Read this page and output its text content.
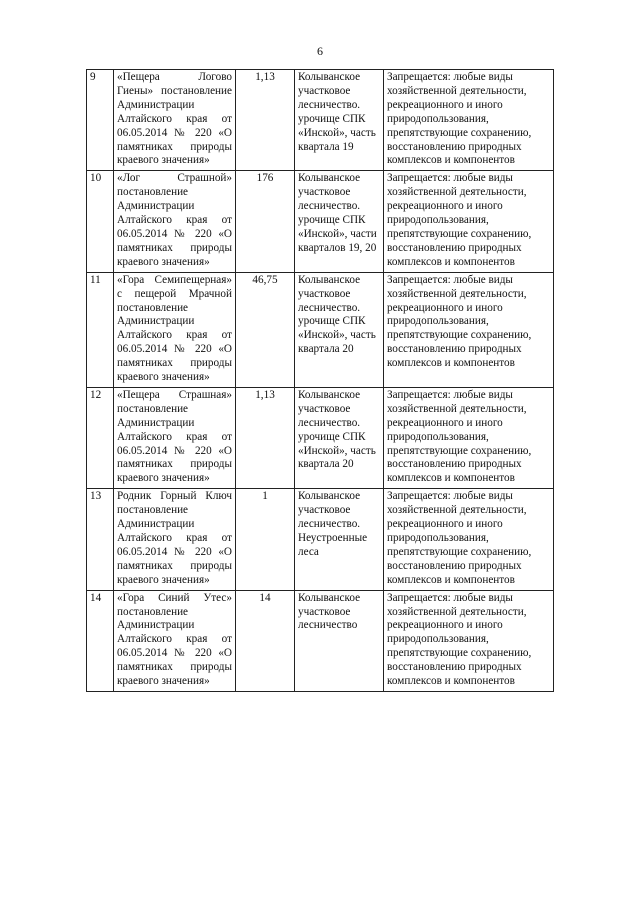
6
9	«Пещера Логово Гиены» постановление Администрации Алтайского края от 06.05.2014 № 220 «О памятниках природы краевого значения»	1,13	Колыванское участковое лесничество. урочище СПК «Инской», часть квартала 19	Запрещается: любые виды хозяйственной деятельности, рекреационного и иного природопользования, препятствующие сохранению, восстановлению природных комплексов и компонентов
10	«Лог Страшной» постановление Администрации Алтайского края от 06.05.2014 № 220 «О памятниках природы краевого значения»	176	Колыванское участковое лесничество. урочище СПК «Инской», части кварталов 19, 20	Запрещается: любые виды хозяйственной деятельности, рекреационного и иного природопользования, препятствующие сохранению, восстановлению природных комплексов и компонентов
11	«Гора Семипещерная» с пещерой Мрачной постановление Администрации Алтайского края от 06.05.2014 № 220 «О памятниках природы краевого значения»	46,75	Колыванское участковое лесничество. урочище СПК «Инской», часть квартала 20	Запрещается: любые виды хозяйственной деятельности, рекреационного и иного природопользования, препятствующие сохранению, восстановлению природных комплексов и компонентов
12	«Пещера Страшная» постановление Администрации Алтайского края от 06.05.2014 № 220 «О памятниках природы краевого значения»	1,13	Колыванское участковое лесничество. урочище СПК «Инской», часть квартала 20	Запрещается: любые виды хозяйственной деятельности, рекреационного и иного природопользования, препятствующие сохранению, восстановлению природных комплексов и компонентов
13	Родник Горный Ключ постановление Администрации Алтайского края от 06.05.2014 № 220 «О памятниках природы краевого значения»	1	Колыванское участковое лесничество. Неустроенные леса	Запрещается: любые виды хозяйственной деятельности, рекреационного и иного природопользования, препятствующие сохранению, восстановлению природных комплексов и компонентов
14	«Гора Синий Утес» постановление Администрации Алтайского края от 06.05.2014 № 220 «О памятниках природы краевого значения»	14	Колыванское участковое лесничество	Запрещается: любые виды хозяйственной деятельности, рекреационного и иного природопользования, препятствующие сохранению, восстановлению природных комплексов и компонентов
